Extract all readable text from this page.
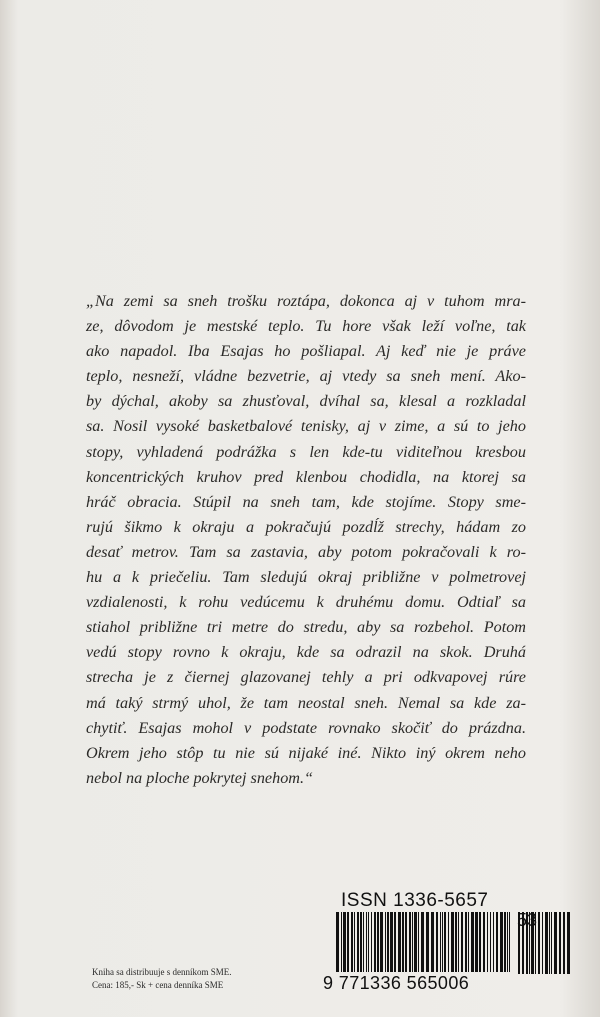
„Na zemi sa sneh trošku roztápa, dokonca aj v tuhom mra-
ze, dôvodom je mestské teplo. Tu hore však leží voľne, tak
ako napadol. Iba Esajas ho pošliapal. Aj keď nie je práve
teplo, nesneží, vládne bezvetrie, aj vtedy sa sneh mení. Ako-
by dýchal, akoby sa zhusťoval, dvíhal sa, klesal a rozkladal
sa. Nosil vysoké basketbalové tenisky, aj v zime, a sú to jeho
stopy, vyhladená podrážka s len kde-tu viditeľnou kresbou
koncentrických kruhov pred klenbou chodidla, na ktorej sa
hráč obracia. Stúpil na sneh tam, kde stojíme. Stopy sme-
rujú šikmo k okraju a pokračujú pozdĺž strechy, hádam zo
desať metrov. Tam sa zastavia, aby potom pokračovali k ro-
hu a k priečeliu. Tam sledujú okraj približne v polmetrovej
vzdialenosti, k rohu vedúcemu k druhému domu. Odtiaľ sa
stiahol približne tri metre do stredu, aby sa rozbehol. Potom
vedú stopy rovno k okraju, kde sa odrazil na skok. Druhá
strecha je z čiernej glazovanej tehly a pri odkvapovej rúre
má taký strmý uhol, že tam neostal sneh. Nemal sa kde za-
chytiť. Esajas mohol v podstate rovnako skočiť do prázdna.
Okrem jeho stôp tu nie sú nijaké iné. Nikto iný okrem neho
nebol na ploche pokrytej snehom.“
Kniha sa distribuuje s denníkom SME.
Cena: 185,- Sk + cena denníka SME
ISSN 1336-5657
53
9 771336 565006
